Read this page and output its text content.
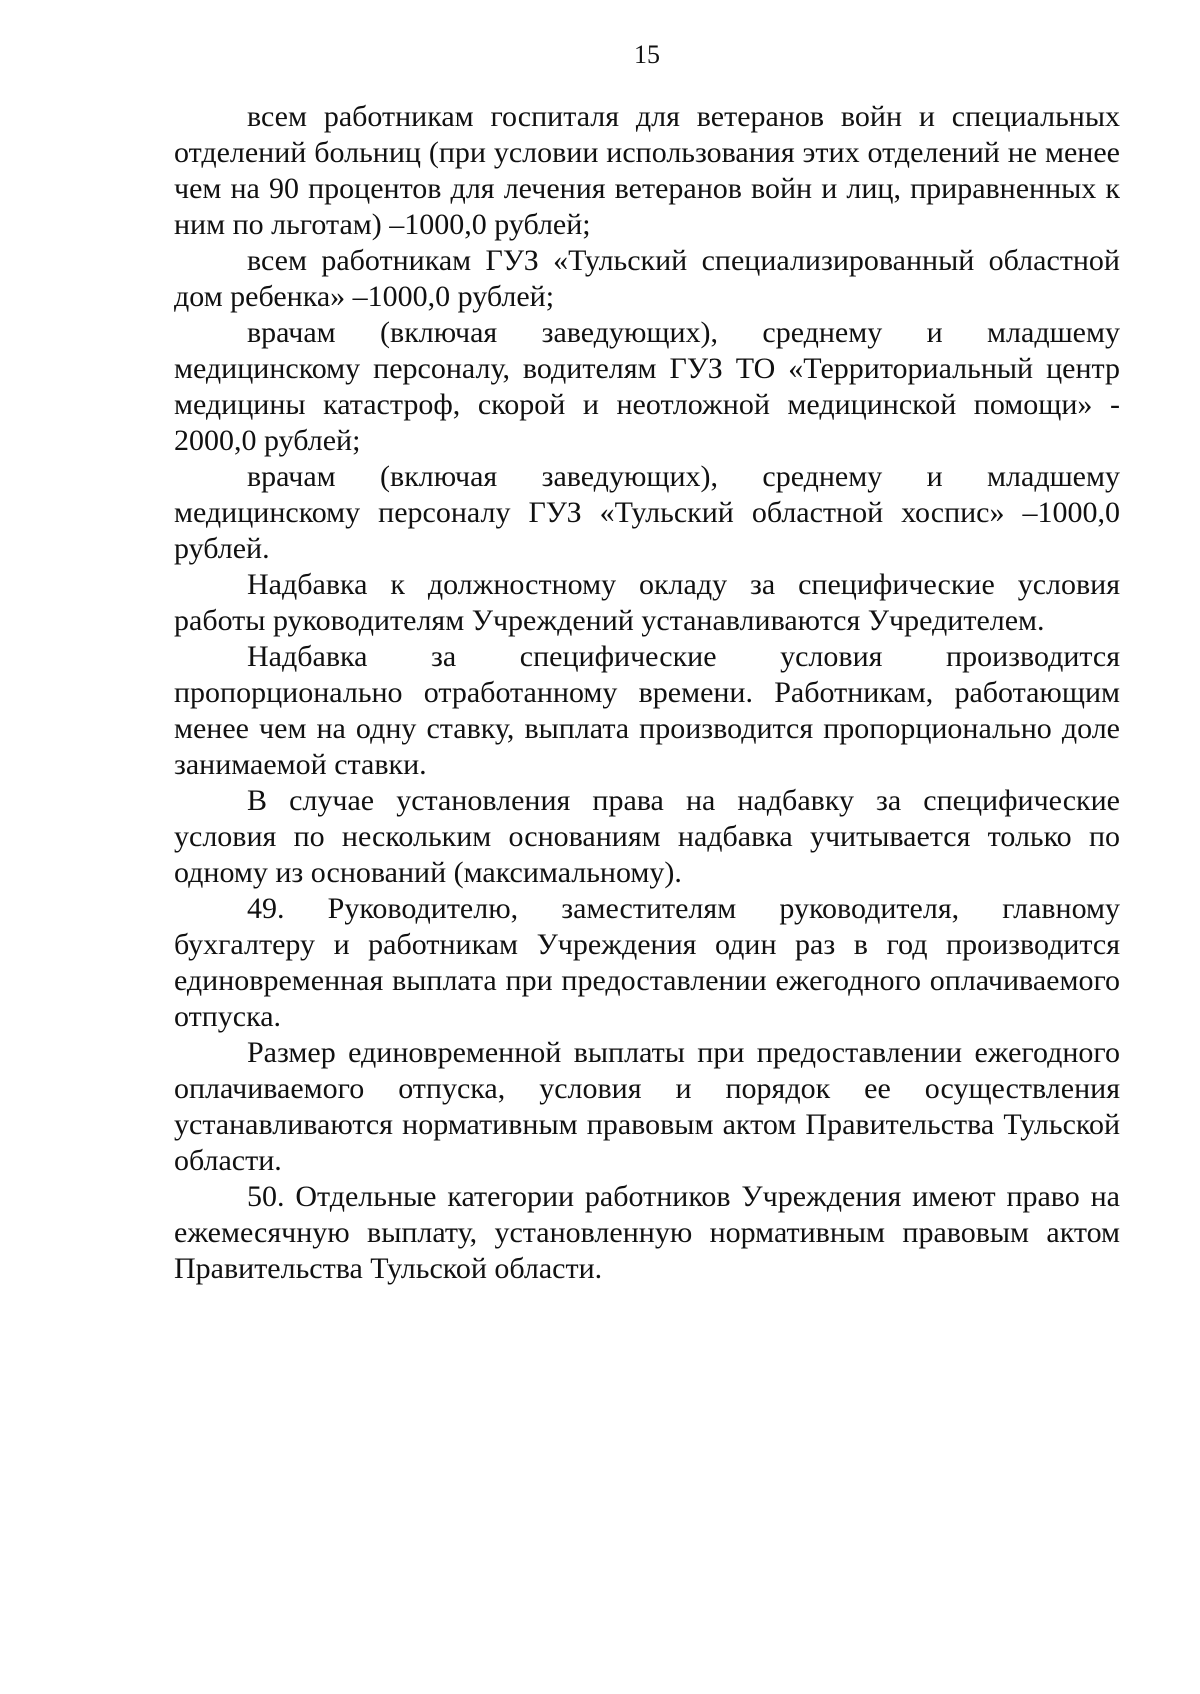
15

всем работникам госпиталя для ветеранов войн и специальных отделений больниц (при условии использования этих отделений не менее чем на 90 процентов для лечения ветеранов войн и лиц, приравненных к ним по льготам) –1000,0 рублей;

всем работникам ГУЗ «Тульский специализированный областной дом ребенка» –1000,0 рублей;

врачам (включая заведующих), среднему и младшему медицинскому персоналу, водителям ГУЗ ТО «Территориальный центр медицины катастроф, скорой и неотложной медицинской помощи» - 2000,0 рублей;

врачам (включая заведующих), среднему и младшему медицинскому персоналу ГУЗ «Тульский областной хоспис» –1000,0 рублей.

Надбавка к должностному окладу за специфические условия работы руководителям Учреждений устанавливаются Учредителем.

Надбавка за специфические условия производится пропорционально отработанному времени. Работникам, работающим менее чем на одну ставку, выплата производится пропорционально доле занимаемой ставки.

В случае установления права на надбавку за специфические условия по нескольким основаниям надбавка учитывается только по одному из оснований (максимальному).

49. Руководителю, заместителям руководителя, главному бухгалтеру и работникам Учреждения один раз в год производится единовременная выплата при предоставлении ежегодного оплачиваемого отпуска.

Размер единовременной выплаты при предоставлении ежегодного оплачиваемого отпуска, условия и порядок ее осуществления устанавливаются нормативным правовым актом Правительства Тульской области.

50. Отдельные категории работников Учреждения имеют право на ежемесячную выплату, установленную нормативным правовым актом Правительства Тульской области.
